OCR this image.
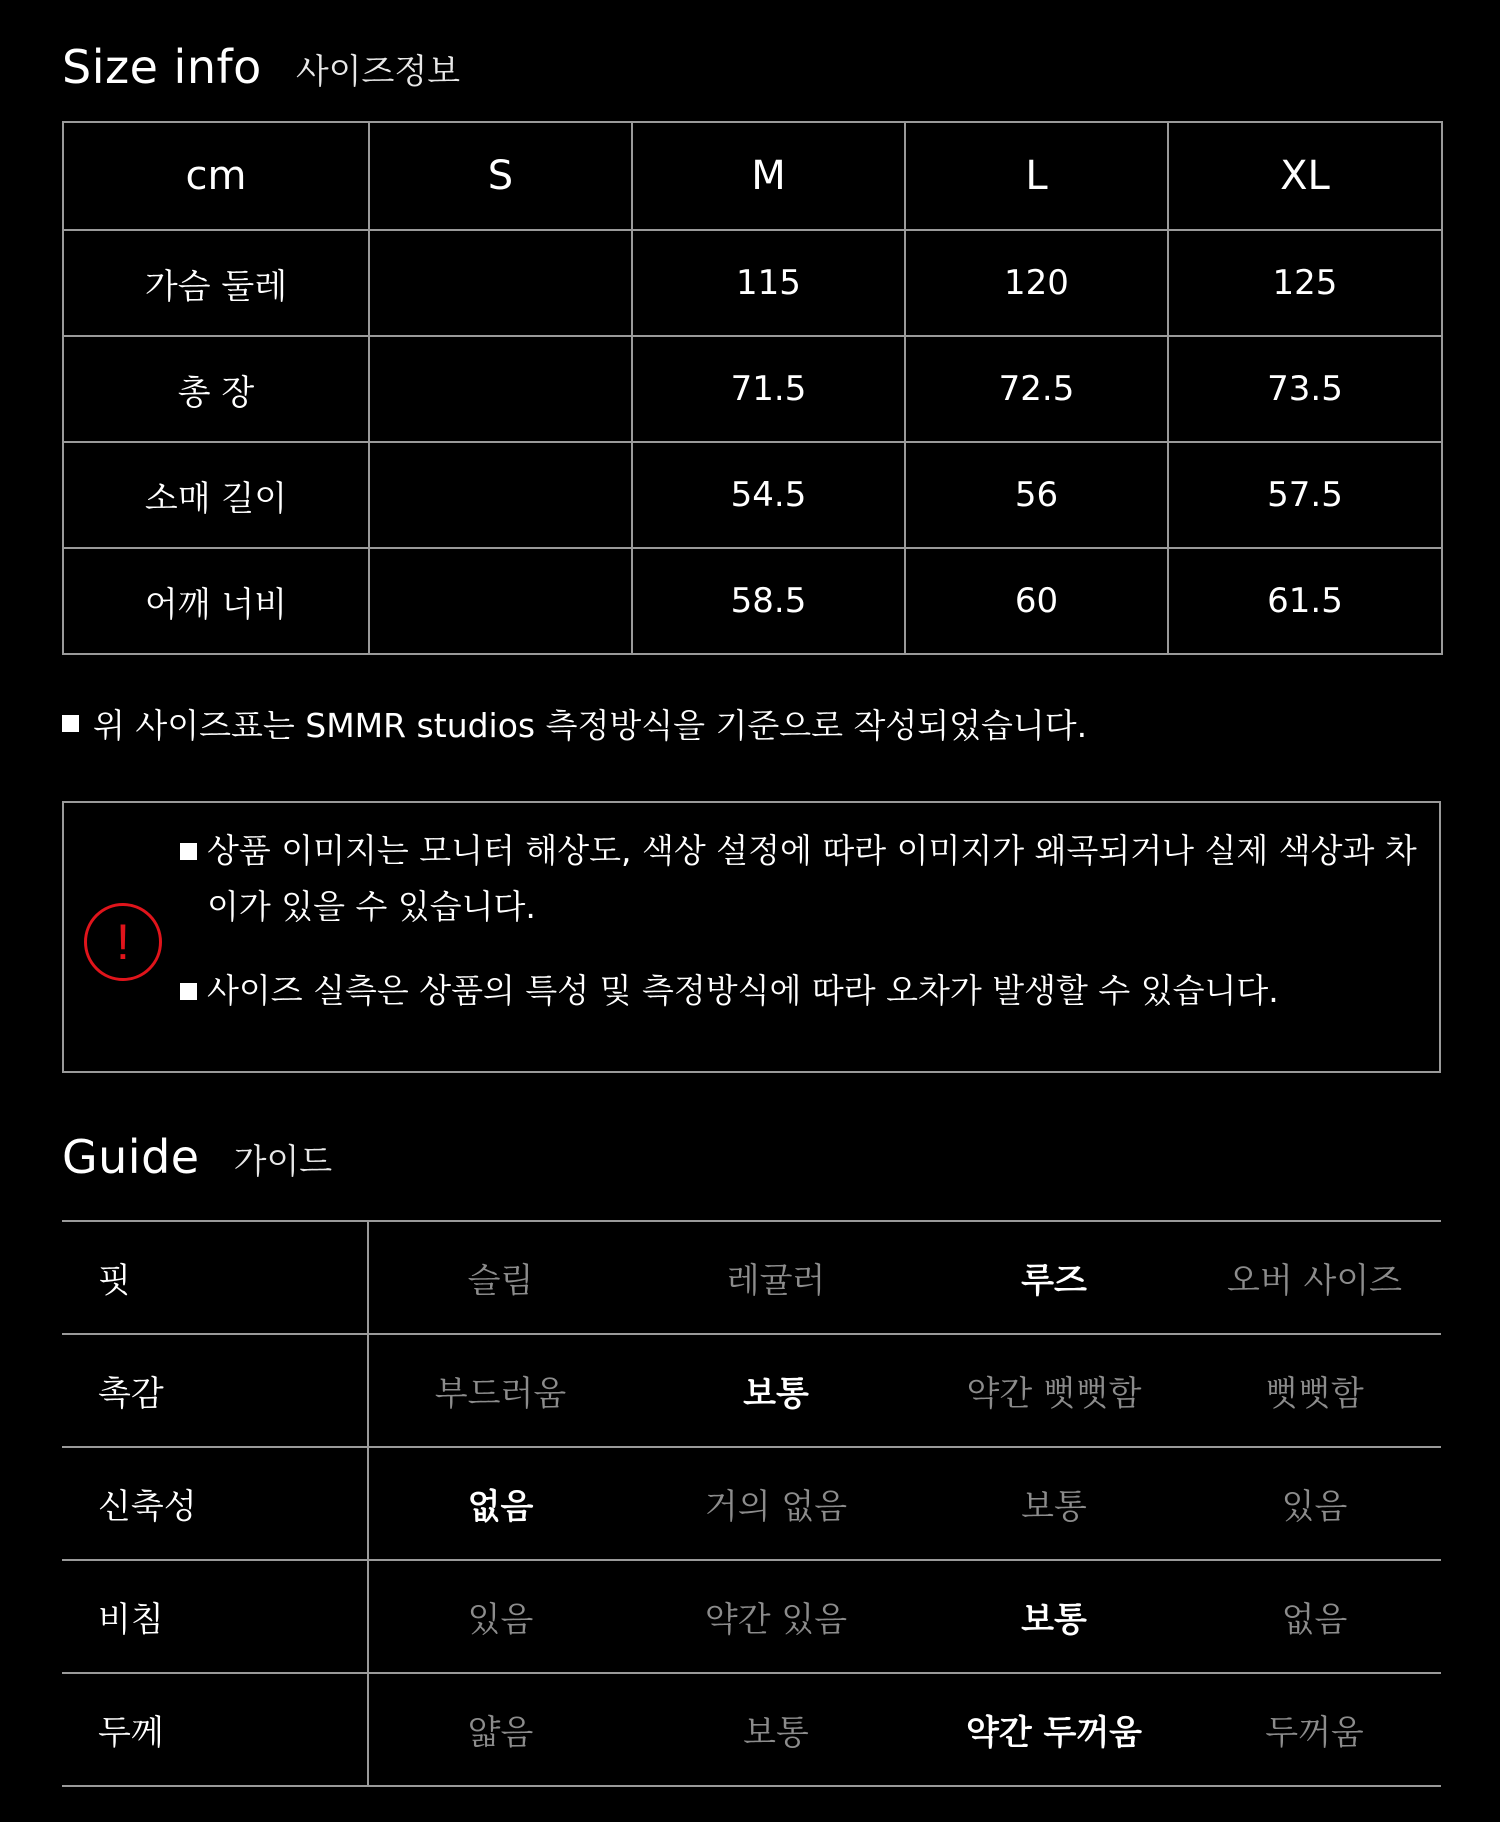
Size info 사이즈정보
cm	S	M	L	XL
가슴 둘레		115	120	125
총 장		71.5	72.5	73.5
소매 길이		54.5	56	57.5
어깨 너비		58.5	60	61.5
위 사이즈표는 SMMR studios 측정방식을 기준으로 작성되었습니다.
!
상품 이미지는 모니터 해상도, 색상 설정에 따라 이미지가 왜곡되거나 실제 색상과 차이가 있을 수 있습니다.
사이즈 실측은 상품의 특성 및 측정방식에 따라 오차가 발생할 수 있습니다.
Guide 가이드
핏	슬림	레귤러	루즈	오버 사이즈
촉감	부드러움	보통	약간 뻣뻣함	뻣뻣함
신축성	없음	거의 없음	보통	있음
비침	있음	약간 있음	보통	없음
두께	얇음	보통	약간 두꺼움	두꺼움
